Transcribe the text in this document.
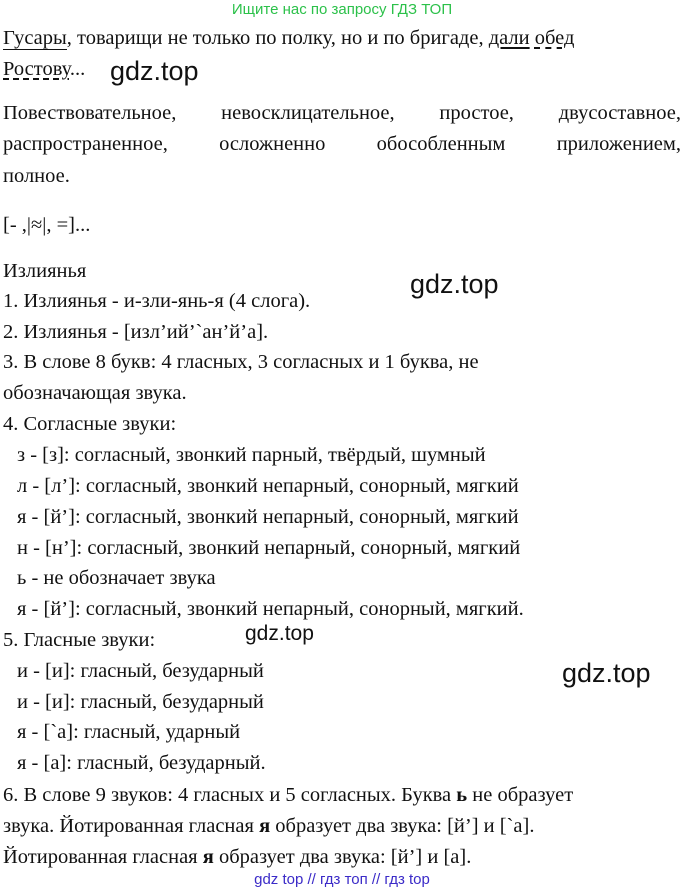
Ищите нас по запросу ГДЗ ТОП
Гусары, товарищи не только по полку, но и по бригаде, дали обед
Ростову... gdz.top
Повествовательное, невосклицательное, простое, двусоставное,
распространенное, осложненно обособленным приложением,
полное.
[- ,|≈|, =]...
Излиянья	gdz.top
1. Излиянья - и-зли-янь-я (4 слога).
2. Излиянья - [изл’ий’`ан’й’а].
3. В слове 8 букв: 4 гласных, 3 согласных и 1 буква, не
обозначающая звука.
4. Согласные звуки:
з - [з]: согласный, звонкий парный, твёрдый, шумный
л - [л’]: согласный, звонкий непарный, сонорный, мягкий
я - [й’]: согласный, звонкий непарный, сонорный, мягкий
н - [н’]: согласный, звонкий непарный, сонорный, мягкий
ь - не обозначает звука
я - [й’]: согласный, звонкий непарный, сонорный, мягкий.
gdz.top
5. Гласные звуки:
и - [и]: гласный, безударный	gdz.top
и - [и]: гласный, безударный
я - [`а]: гласный, ударный
я - [а]: гласный, безударный.
6. В слове 9 звуков: 4 гласных и 5 согласных. Буква ь не образует
звука. Йотированная гласная я образует два звука: [й’] и [`а].
Йотированная гласная я образует два звука: [й’] и [а].
gdz top // гдз топ // гдз top
